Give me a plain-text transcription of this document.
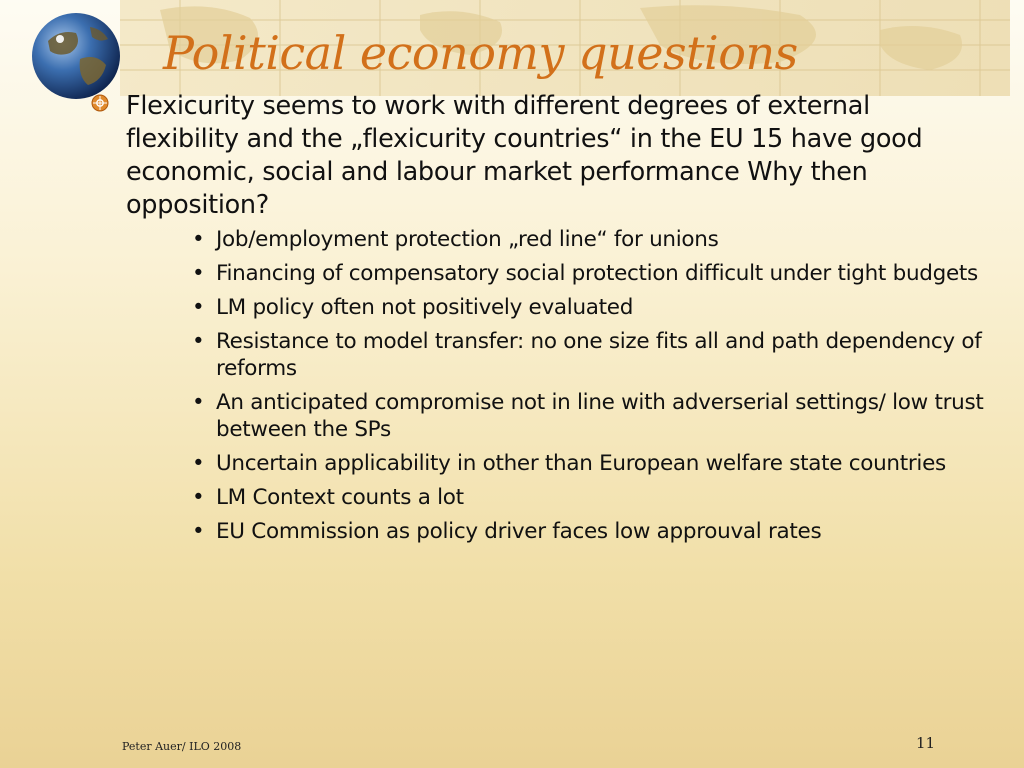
Political economy questions

Flexicurity seems to work with different degrees of external flexibility and the „flexicurity countries“ in the EU 15 have good economic, social and labour market performance Why then opposition?

• Job/employment protection „red line“ for unions
• Financing of compensatory social protection difficult under tight budgets
• LM policy often not positively evaluated
• Resistance to model transfer: no one size fits all and path dependency of reforms
• An anticipated compromise not in line with adverserial settings/ low trust between the SPs
• Uncertain applicability in other than European welfare state countries
• LM Context counts a lot
• EU Commission as policy driver faces low approuval rates
Peter Auer/ ILO 2008	11
